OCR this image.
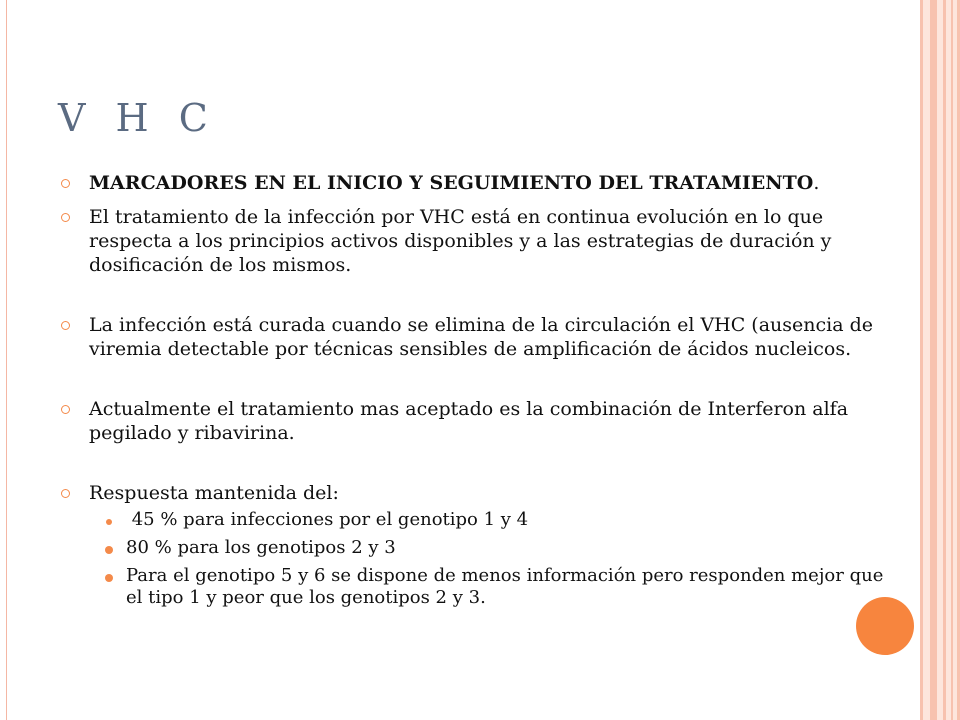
V H C
MARCADORES EN EL INICIO Y SEGUIMIENTO DEL TRATAMIENTO.
El tratamiento de la infección por VHC está en continua evolución en lo que respecta a los principios activos disponibles y a las estrategias de duración y dosificación de los mismos.
La infección está curada cuando se elimina de la circulación el VHC (ausencia de viremia detectable por técnicas sensibles de amplificación de ácidos nucleicos.
Actualmente el tratamiento mas aceptado es la combinación de Interferon alfa pegilado y ribavirina.
Respuesta mantenida del:
45 % para infecciones por el genotipo 1 y 4
80 % para los genotipos 2 y 3
Para el genotipo 5 y 6 se dispone de menos información pero responden mejor que el tipo 1 y peor que los genotipos 2 y 3.
